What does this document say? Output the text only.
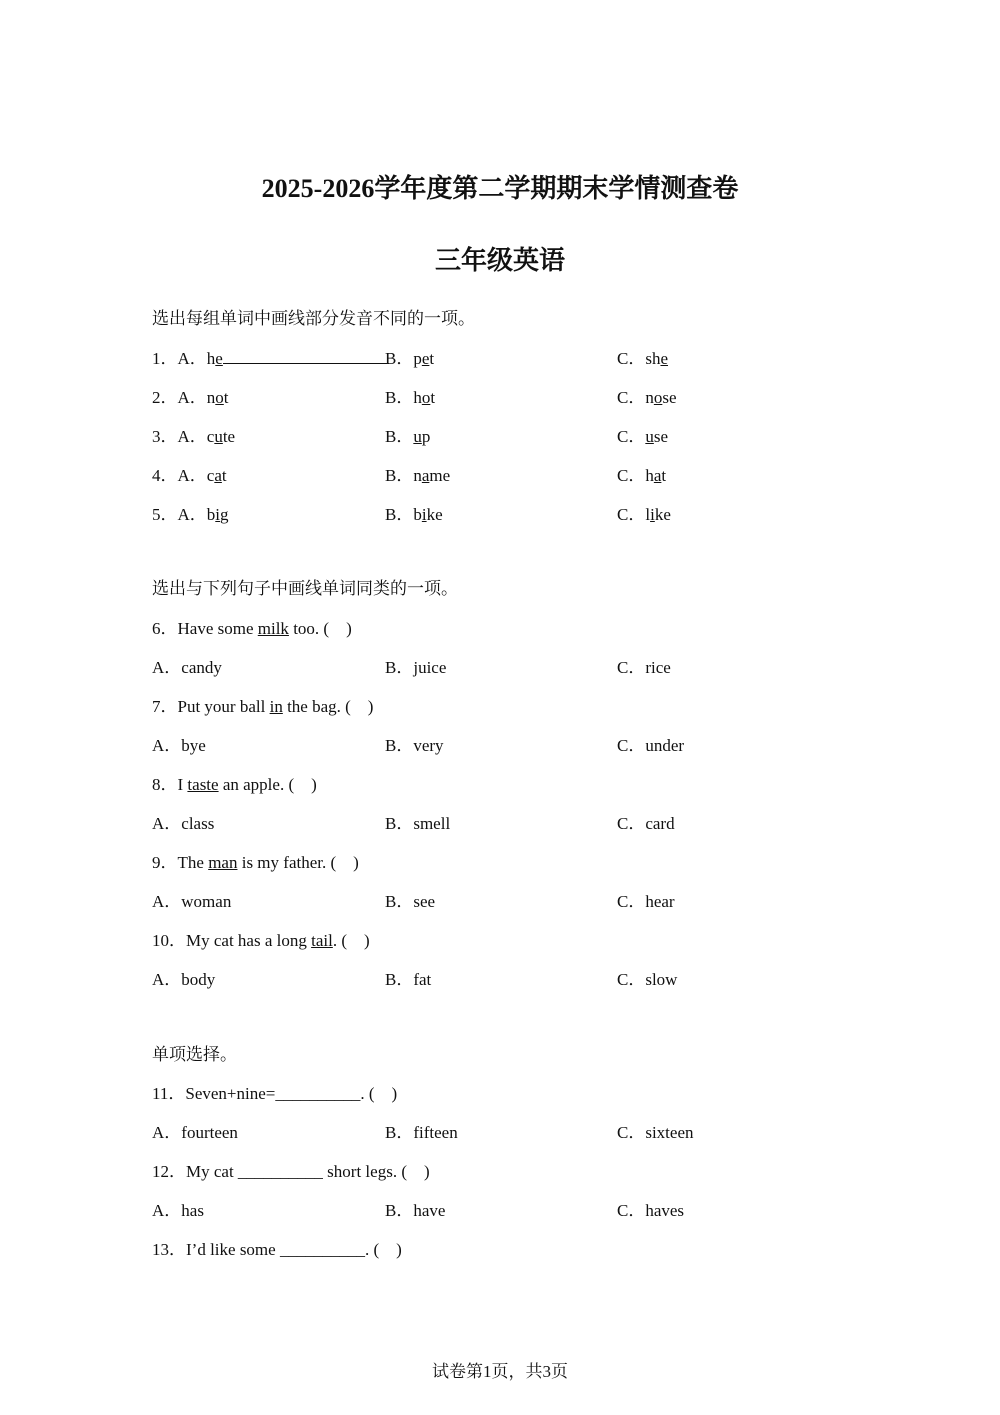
2025-2026学年度第二学期期末学情测查卷
三年级英语
选出每组单词中画线部分发音不同的一项。
1．A．he	B．pet	C．she
2．A．not	B．hot	C．nose
3．A．cute	B．up	C．use
4．A．cat	B．name	C．hat
5．A．big	B．bike	C．like
选出与下列句子中画线单词同类的一项。
6．Have some milk too. (　)
A．candy	B．juice	C．rice
7．Put your ball in the bag. (　)
A．bye	B．very	C．under
8．I taste an apple. (　)
A．class	B．smell	C．card
9．The man is my father. (　)
A．woman	B．see	C．hear
10．My cat has a long tail. (　)
A．body	B．fat	C．slow
单项选择。
11．Seven+nine=__________. (　)
A．fourteen	B．fifteen	C．sixteen
12．My cat __________ short legs. (　)
A．has	B．have	C．haves
13．I’d like some __________. (　)
试卷第1页，共3页
